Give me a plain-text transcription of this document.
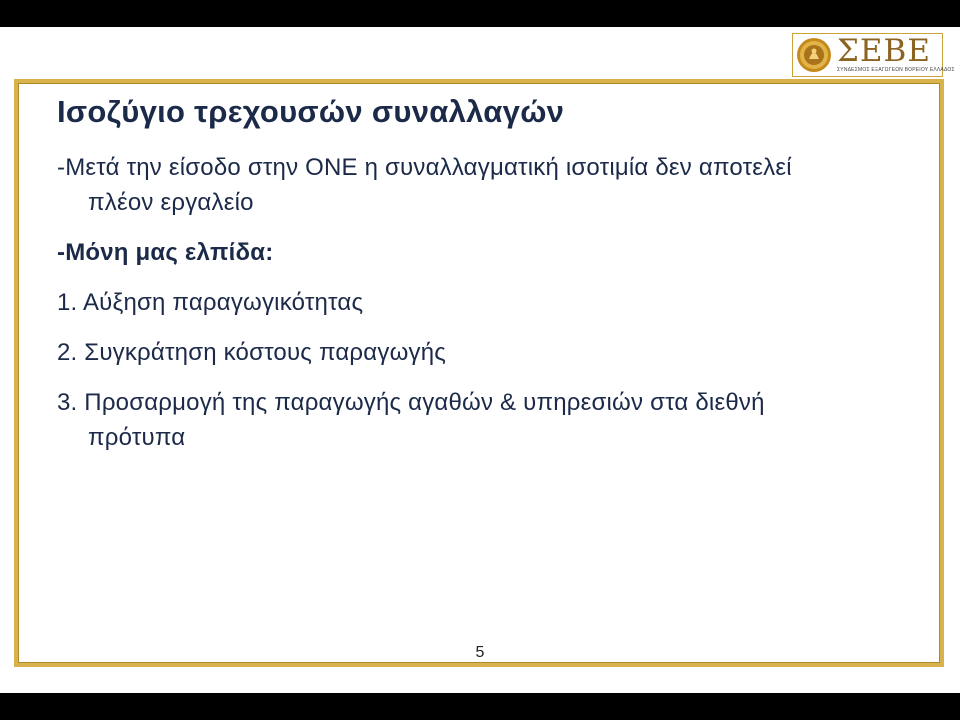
ΣΕΒΕ
ΣΥΝΔΕΣΜΟΣ ΕΞΑΓΩΓΕΩΝ ΒΟΡΕΙΟΥ ΕΛΛΑΔΟΣ
Ισοζύγιο τρεχουσών συναλλαγών

-Μετά την είσοδο στην ΟΝΕ η συναλλαγματική ισοτιμία δεν αποτελεί πλέον εργαλείο

-Μόνη μας ελπίδα:

1. Αύξηση παραγωγικότητας

2. Συγκράτηση κόστους παραγωγής

3. Προσαρμογή της παραγωγής αγαθών & υπηρεσιών στα διεθνή πρότυπα

5
